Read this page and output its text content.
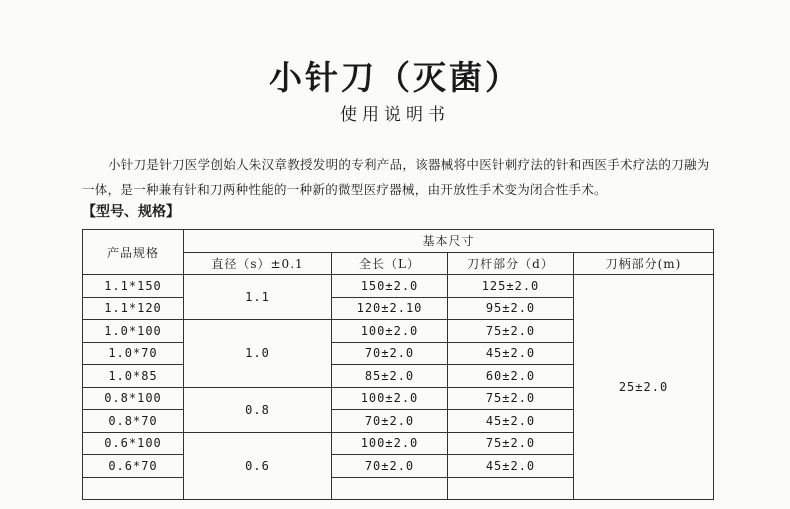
小针刀（灭菌）
使用说明书
小针刀是针刀医学创始人朱汉章教授发明的专利产品，该器械将中医针刺疗法的针和西医手术疗法的刀融为一体，是一种兼有针和刀两种性能的一种新的微型医疗器械，由开放性手术变为闭合性手术。
【型号、规格】
产品规格	基本尺寸			
	直径（s）±0.1	全长（L）	刀杆部分（d）	刀柄部分(m)
1.1*150	1.1	150±2.0	125±2.0	25±2.0
1.1*120		120±2.10	95±2.0	
1.0*100	1.0	100±2.0	75±2.0	
1.0*70		70±2.0	45±2.0	
1.0*85		85±2.0	60±2.0	
0.8*100	0.8	100±2.0	75±2.0	
0.8*70		70±2.0	45±2.0	
0.6*100	0.6	100±2.0	75±2.0	
0.6*70		70±2.0	45±2.0	
